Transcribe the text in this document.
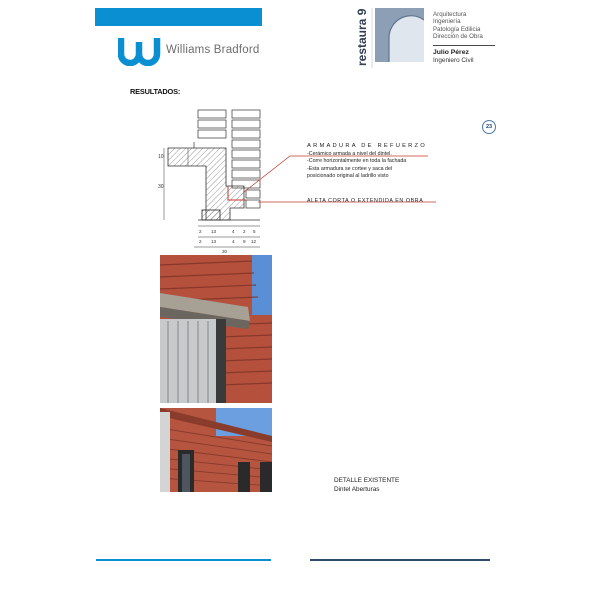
Williams Bradford	restaura 9	Arquitectura
Ingeniería
Patología Edilicia
Dirección de Obra
Julio Pérez
Ingeniero Civil
RESULTADOS:
23
10
30
2 13	4 2 5
2 13	4 9 12
30
ARMADURA DE REFUERZO
-Cerámico armada a nivel del dintel.
-Corre horizontalmente en toda la fachada
-Esta armadura se cortee y saca del
posicionado original al ladrillo visto
ALETA CORTA O EXTENDIDA EN OBRA
DETALLE EXISTENTE
Dintel Aberturas
